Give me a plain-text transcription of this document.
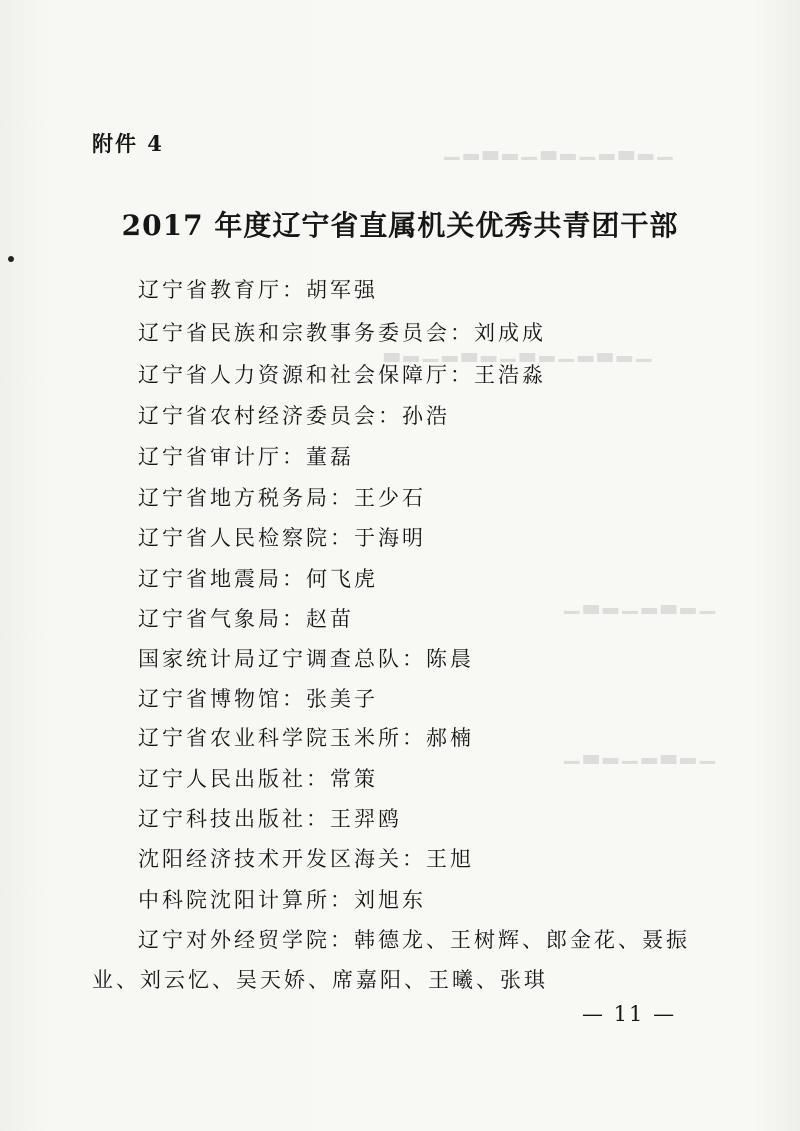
▁▂▃▂▁▂▃▁▂▃▂▁
▁▂▃▂▁▂▃▁▂▃▂▁▂▃
▁▂▃▂▁▂▃▁
▁▂▃▂▁▂▃▁
附件 4
2017 年度辽宁省直属机关优秀共青团干部
辽宁省教育厅：胡军强
辽宁省民族和宗教事务委员会：刘成成
辽宁省人力资源和社会保障厅：王浩淼
辽宁省农村经济委员会：孙浩
辽宁省审计厅：董磊
辽宁省地方税务局：王少石
辽宁省人民检察院：于海明
辽宁省地震局：何飞虎
辽宁省气象局：赵苗
国家统计局辽宁调查总队：陈晨
辽宁省博物馆：张美子
辽宁省农业科学院玉米所：郝楠
辽宁人民出版社：常策
辽宁科技出版社：王羿鸥
沈阳经济技术开发区海关：王旭
中科院沈阳计算所：刘旭东
辽宁对外经贸学院：韩德龙、王树辉、郎金花、聂振
业、刘云忆、吴天娇、席嘉阳、王曦、张琪
— 11 —
